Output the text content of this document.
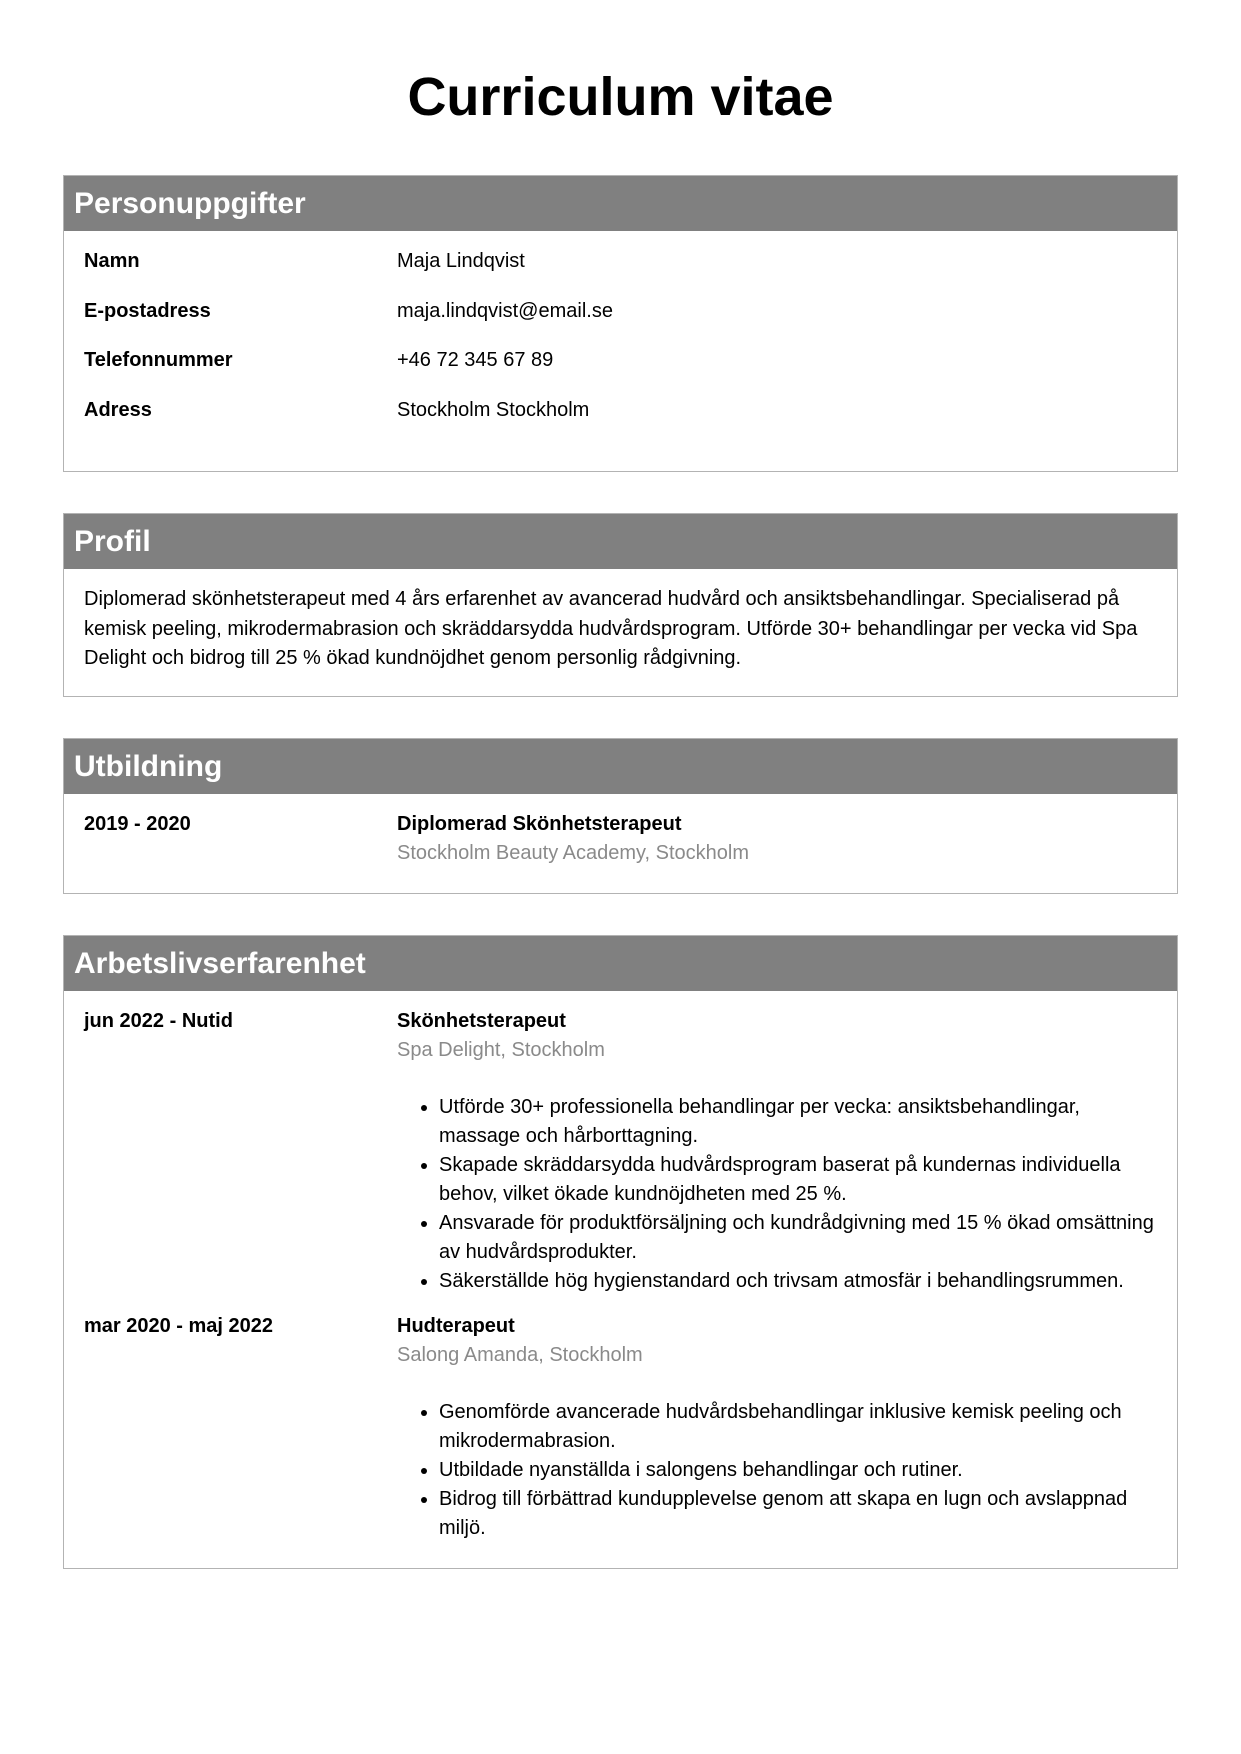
Curriculum vitae
Personuppgifter
Namn	Maja Lindqvist
E-postadress	maja.lindqvist@email.se
Telefonnummer	+46 72 345 67 89
Adress	Stockholm Stockholm
Profil
Diplomerad skönhetsterapeut med 4 års erfarenhet av avancerad hudvård och ansiktsbehandlingar. Specialiserad på kemisk peeling, mikrodermabrasion och skräddarsydda hudvårdsprogram. Utförde 30+ behandlingar per vecka vid Spa Delight och bidrog till 25 % ökad kundnöjdhet genom personlig rådgivning.
Utbildning
2019 - 2020	Diplomerad Skönhetsterapeut
Stockholm Beauty Academy, Stockholm
Arbetslivserfarenhet
jun 2022 - Nutid	Skönhetsterapeut
Spa Delight, Stockholm
• Utförde 30+ professionella behandlingar per vecka: ansiktsbehandlingar, massage och hårborttagning.
• Skapade skräddarsydda hudvårdsprogram baserat på kundernas individuella behov, vilket ökade kundnöjdheten med 25 %.
• Ansvarade för produktförsäljning och kundrådgivning med 15 % ökad omsättning av hudvårdsprodukter.
• Säkerställde hög hygienstandard och trivsam atmosfär i behandlingsrummen.
mar 2020 - maj 2022	Hudterapeut
Salong Amanda, Stockholm
• Genomförde avancerade hudvårdsbehandlingar inklusive kemisk peeling och mikrodermabrasion.
• Utbildade nyanställda i salongens behandlingar och rutiner.
• Bidrog till förbättrad kundupplevelse genom att skapa en lugn och avslappnad miljö.
